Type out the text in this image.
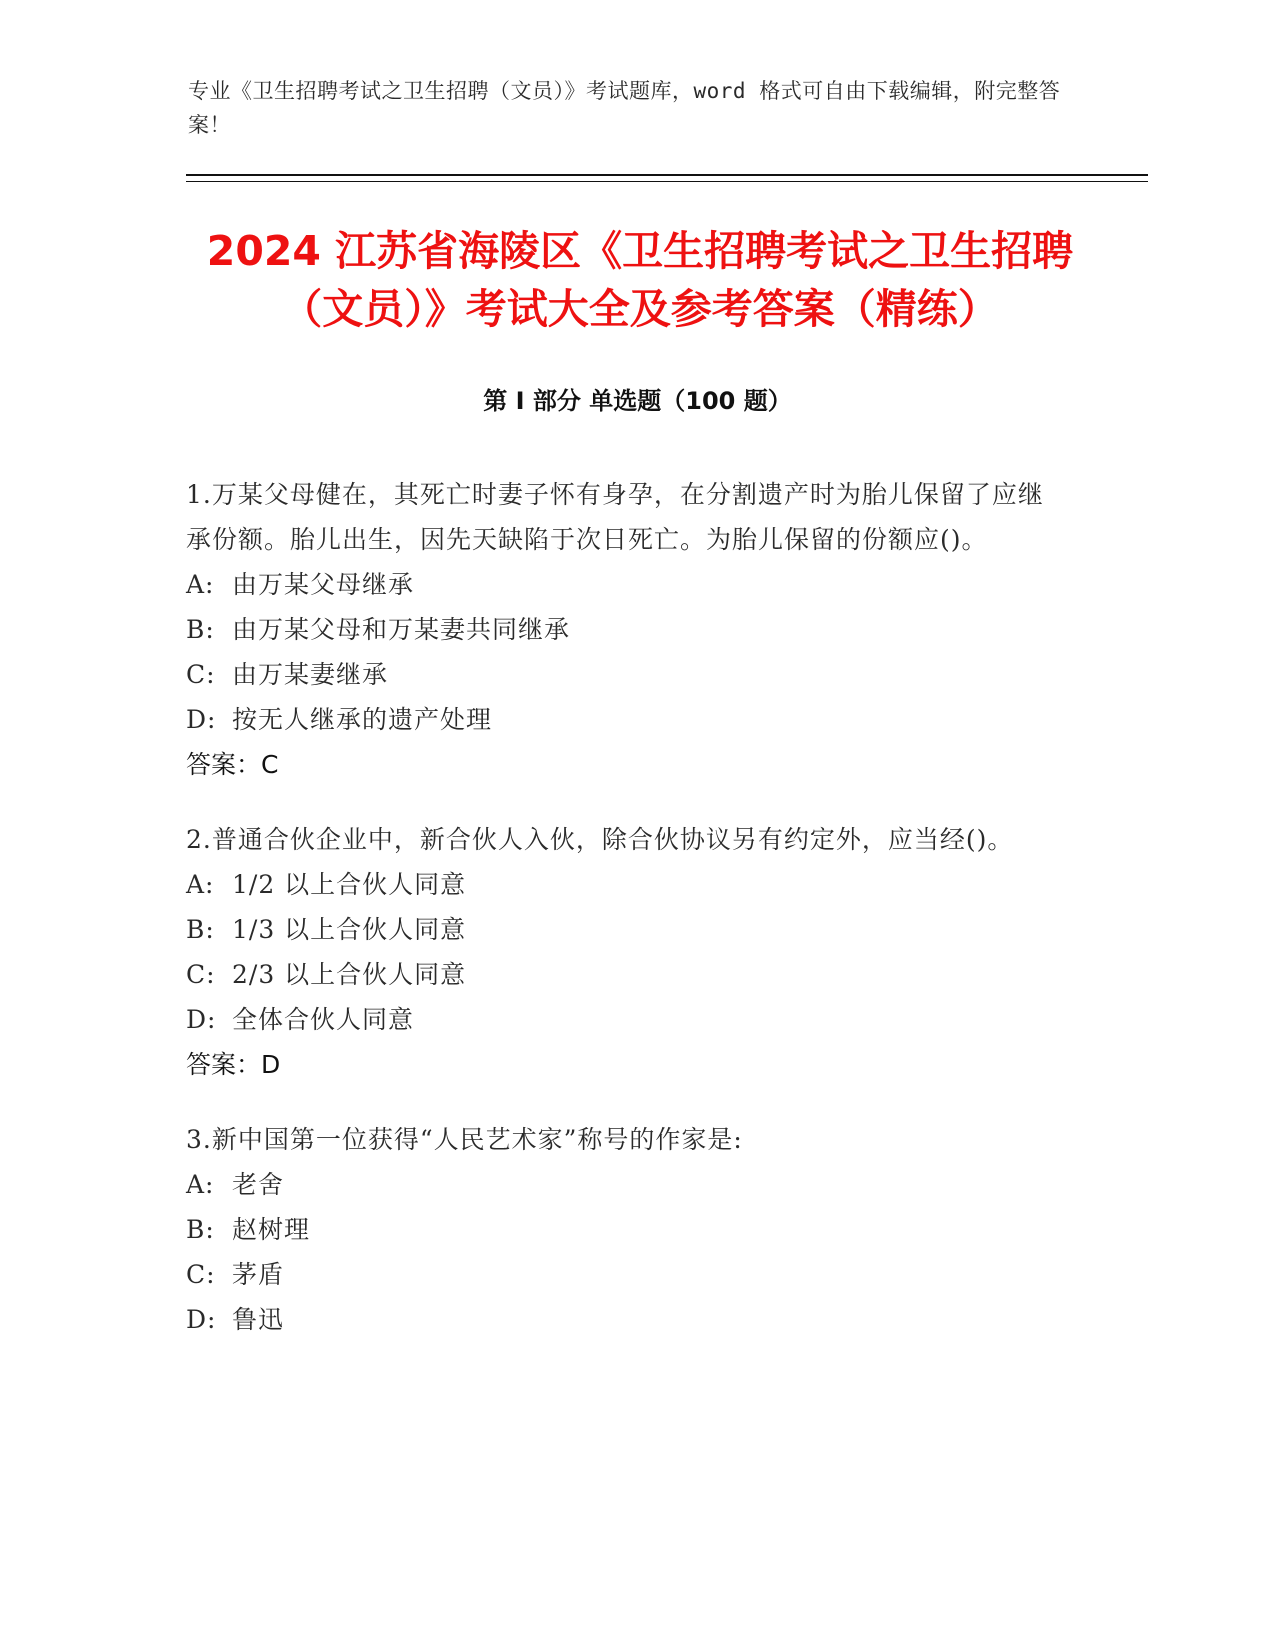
专业《卫生招聘考试之卫生招聘（文员）》考试题库，word 格式可自由下载编辑，附完整答案！
2024 江苏省海陵区《卫生招聘考试之卫生招聘（文员）》考试大全及参考答案（精练）
第 I 部分 单选题（100 题）

1.万某父母健在，其死亡时妻子怀有身孕，在分割遗产时为胎儿保留了应继承份额。胎儿出生，因先天缺陷于次日死亡。为胎儿保留的份额应()。

A: 由万某父母继承

B: 由万某父母和万某妻共同继承

C: 由万某妻继承

D: 按无人继承的遗产处理

答案：C

2.普通合伙企业中，新合伙人入伙，除合伙协议另有约定外，应当经()。

A: 1/2 以上合伙人同意

B: 1/3 以上合伙人同意

C: 2/3 以上合伙人同意

D: 全体合伙人同意

答案：D

3.新中国第一位获得“人民艺术家”称号的作家是:

A: 老舍

B: 赵树理

C: 茅盾

D: 鲁迅
